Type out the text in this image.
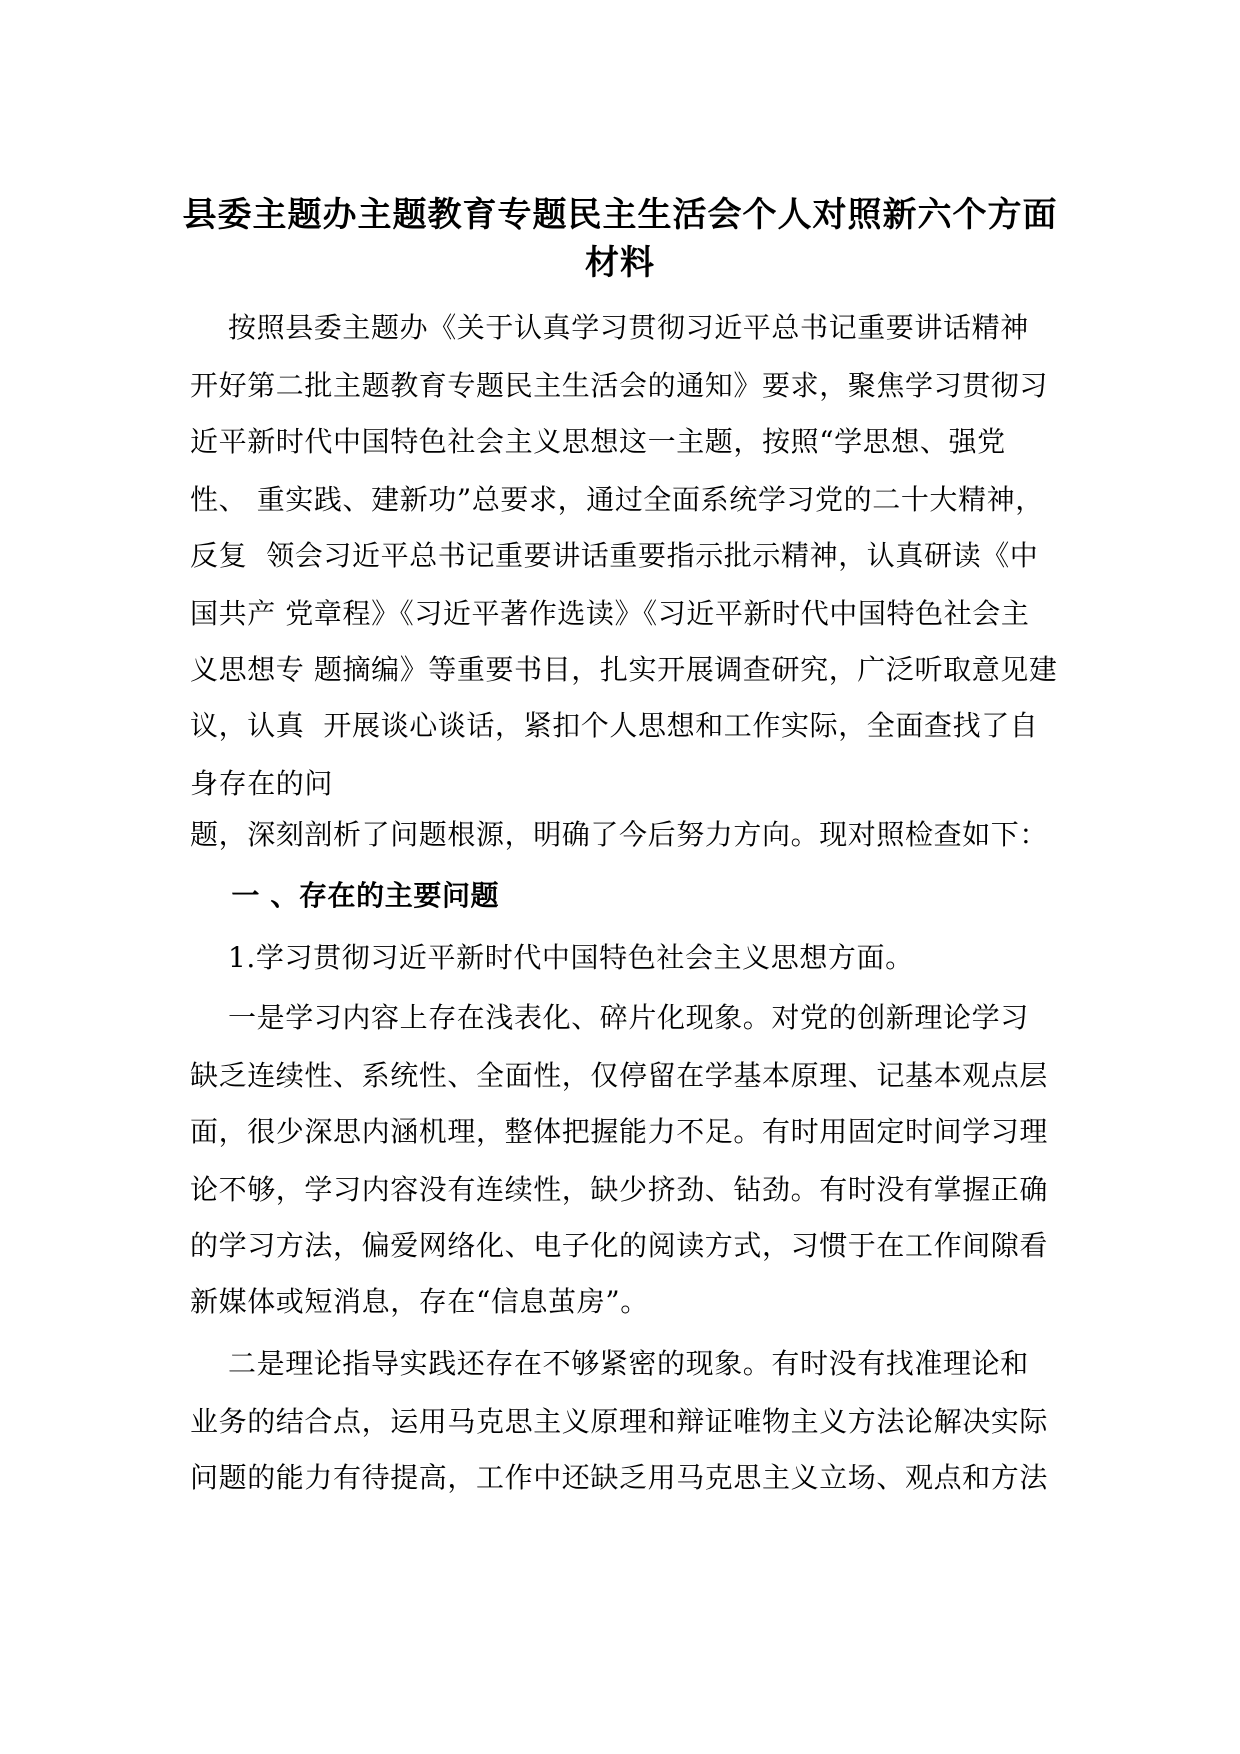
县委主题办主题教育专题民主生活会个人对照新六个方面
材料
按照县委主题办《关于认真学习贯彻习近平总书记重要讲话精神
开好第二批主题教育专题民主生活会的通知》要求，聚焦学习贯彻习
近平新时代中国特色社会主义思想这一主题，按照“学思想、强党
性、 重实践、建新功”总要求，通过全面系统学习党的二十大精神，
反复  领会习近平总书记重要讲话重要指示批示精神，认真研读《中
国共产 党章程》《习近平著作选读》《习近平新时代中国特色社会主
义思想专 题摘编》等重要书目，扎实开展调查研究，广泛听取意见建
议，认真  开展谈心谈话，紧扣个人思想和工作实际，全面查找了自
身存在的问
题，深刻剖析了问题根源，明确了今后努力方向。现对照检查如下：
一 、存在的主要问题
1.学习贯彻习近平新时代中国特色社会主义思想方面。
一是学习内容上存在浅表化、碎片化现象。对党的创新理论学习
缺乏连续性、系统性、全面性，仅停留在学基本原理、记基本观点层
面，很少深思内涵机理，整体把握能力不足。有时用固定时间学习理
论不够，学习内容没有连续性，缺少挤劲、钻劲。有时没有掌握正确
的学习方法，偏爱网络化、电子化的阅读方式，习惯于在工作间隙看
新媒体或短消息，存在“信息茧房”。
二是理论指导实践还存在不够紧密的现象。有时没有找准理论和
业务的结合点，运用马克思主义原理和辩证唯物主义方法论解决实际
问题的能力有待提高，工作中还缺乏用马克思主义立场、观点和方法
